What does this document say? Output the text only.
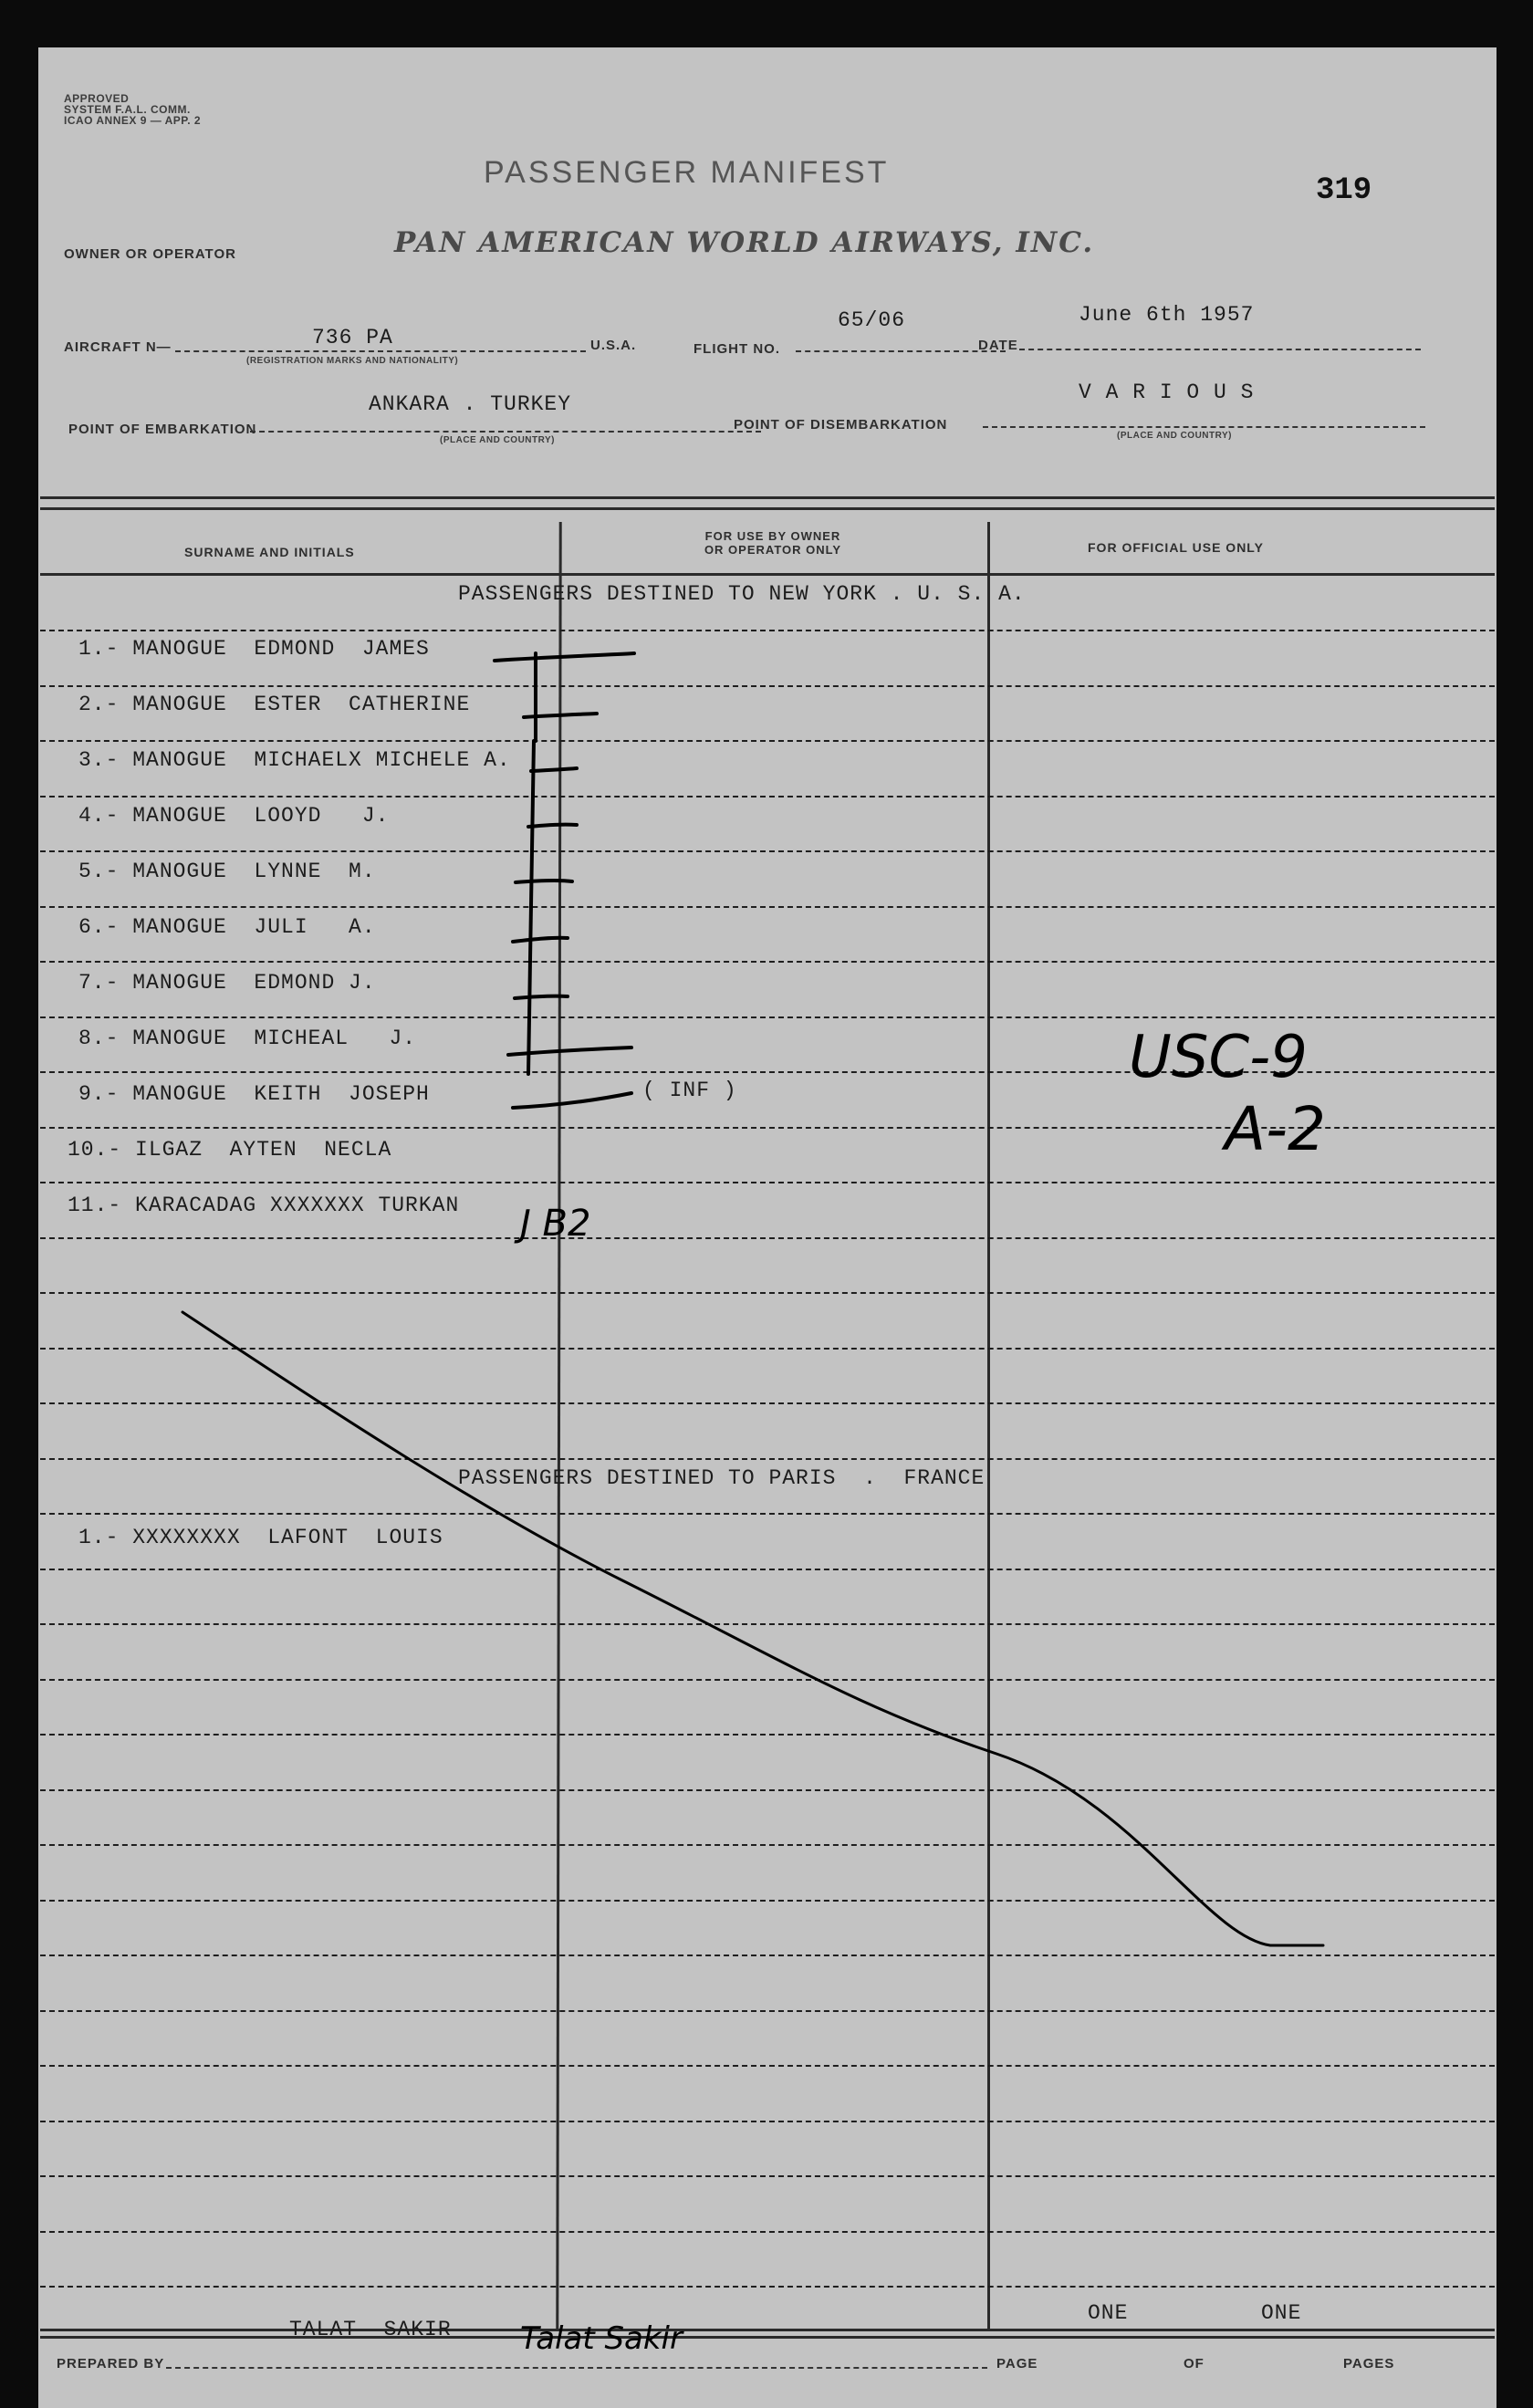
APPROVED
SYSTEM F.A.L. COMM.
ICAO ANNEX 9 — APP. 2
PASSENGER MANIFEST
319
OWNER OR OPERATOR	PAN AMERICAN WORLD AIRWAYS, INC.
AIRCRAFT N—	736 PA
(REGISTRATION MARKS AND NATIONALITY)
U.S.A.	FLIGHT NO.
65/06
DATE
June 6th 1957
POINT OF EMBARKATION
ANKARA . TURKEY
(PLACE AND COUNTRY)
POINT OF DISEMBARKATION
V A R I O U S
(PLACE AND COUNTRY)
SURNAME AND INITIALS
FOR USE BY OWNER
OR OPERATOR ONLY	FOR OFFICIAL USE ONLY
PASSENGERS DESTINED TO NEW YORK . U. S. A.
1.- MANOGUE  EDMOND  JAMES
2.- MANOGUE  ESTER  CATHERINE
3.- MANOGUE  MICHAELX MICHELE A.
4.- MANOGUE  LOOYD   J.
5.- MANOGUE  LYNNE  M.
6.- MANOGUE  JULI   A.
7.- MANOGUE  EDMOND J.
8.- MANOGUE  MICHEAL   J.
9.- MANOGUE  KEITH  JOSEPH
10.- ILGAZ  AYTEN  NECLA
11.- KARACADAG XXXXXXX TURKAN
( INF )
PASSENGERS DESTINED TO PARIS  .  FRANCE
1.- XXXXXXXX  LAFONT  LOUIS
TALAT  SAKIR
PREPARED BY
ONE	ONE
PAGE	OF	PAGES
J B2
USC-9
A-2
Talat Sakir
